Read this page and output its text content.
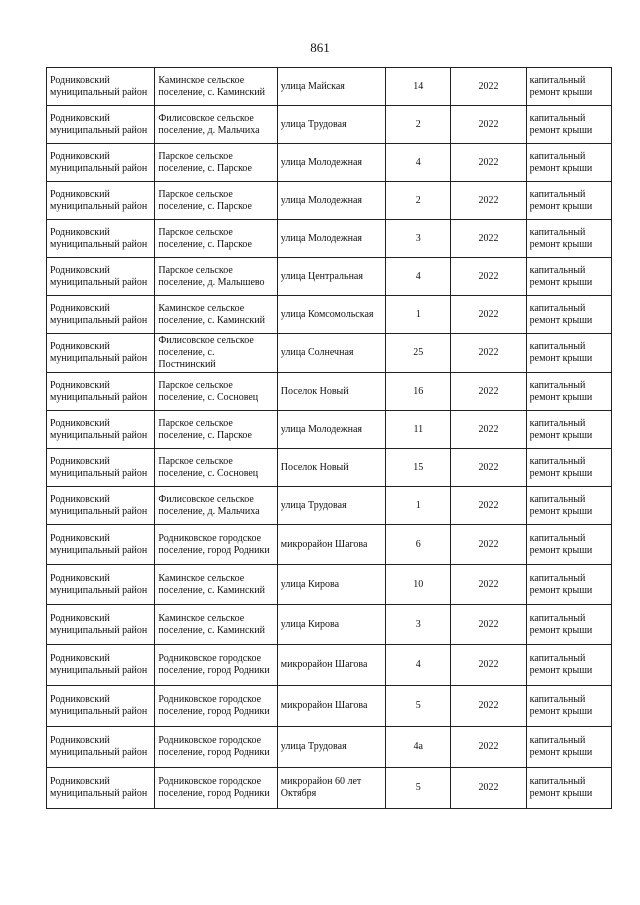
861
Родниковский муниципальный район	Каминское сельское поселение, с. Каминский	улица Майская	14	2022	капитальный ремонт крыши
Родниковский муниципальный район	Филисовское сельское поселение, д. Мальчиха	улица Трудовая	2	2022	капитальный ремонт крыши
Родниковский муниципальный район	Парское сельское поселение, с. Парское	улица Молодежная	4	2022	капитальный ремонт крыши
Родниковский муниципальный район	Парское сельское поселение, с. Парское	улица Молодежная	2	2022	капитальный ремонт крыши
Родниковский муниципальный район	Парское сельское поселение, с. Парское	улица Молодежная	3	2022	капитальный ремонт крыши
Родниковский муниципальный район	Парское сельское поселение, д. Малышево	улица Центральная	4	2022	капитальный ремонт крыши
Родниковский муниципальный район	Каминское сельское поселение, с. Каминский	улица Комсомольская	1	2022	капитальный ремонт крыши
Родниковский муниципальный район	Филисовское сельское поселение, с. Постнинский	улица Солнечная	25	2022	капитальный ремонт крыши
Родниковский муниципальный район	Парское сельское поселение, с. Сосновец	Поселок Новый	16	2022	капитальный ремонт крыши
Родниковский муниципальный район	Парское сельское поселение, с. Парское	улица Молодежная	11	2022	капитальный ремонт крыши
Родниковский муниципальный район	Парское сельское поселение, с. Сосновец	Поселок Новый	15	2022	капитальный ремонт крыши
Родниковский муниципальный район	Филисовское сельское поселение, д. Мальчиха	улица Трудовая	1	2022	капитальный ремонт крыши
Родниковский муниципальный район	Родниковское городское поселение, город Родники	микрорайон Шагова	6	2022	капитальный ремонт крыши
Родниковский муниципальный район	Каминское сельское поселение, с. Каминский	улица Кирова	10	2022	капитальный ремонт крыши
Родниковский муниципальный район	Каминское сельское поселение, с. Каминский	улица Кирова	3	2022	капитальный ремонт крыши
Родниковский муниципальный район	Родниковское городское поселение, город Родники	микрорайон Шагова	4	2022	капитальный ремонт крыши
Родниковский муниципальный район	Родниковское городское поселение, город Родники	микрорайон Шагова	5	2022	капитальный ремонт крыши
Родниковский муниципальный район	Родниковское городское поселение, город Родники	улица Трудовая	4а	2022	капитальный ремонт крыши
Родниковский муниципальный район	Родниковское городское поселение, город Родники	микрорайон 60 лет Октября	5	2022	капитальный ремонт крыши
